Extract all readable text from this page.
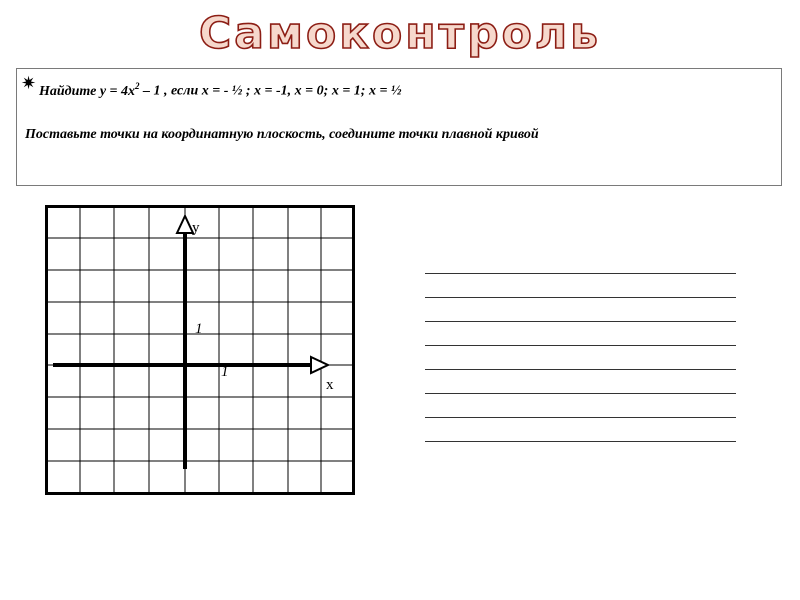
Самоконтроль
✷ Найдите $y = 4x^2 - 1$ , если x = - ½ ; x = -1, x = 0; x = 1; x = ½
Поставьте точки на координатную плоскость, соедините точки плавной кривой
y
x
1
1
